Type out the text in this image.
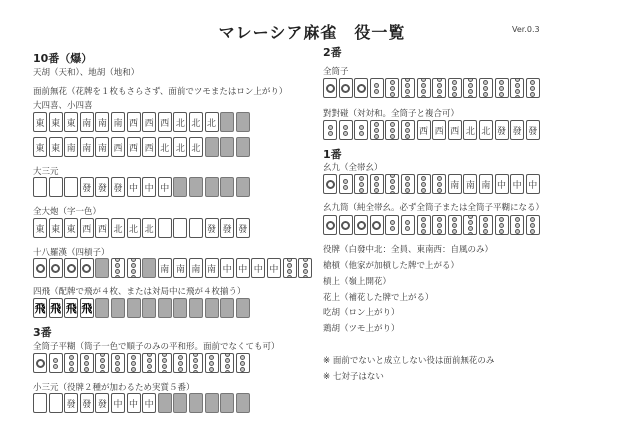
マレーシア麻雀　役一覧	Ver.0.3
10番（爆）
天胡（天和）、地胡（地和）
面前無花（花牌を１枚もさらさず、面前でツモまたはロン上がり）
大四喜、小四喜
東 東 東 南 南 南 西 西 西 北 北 北
東 東 南 南 南 西 西 西 北 北 北
大三元
發 發 發 中 中 中
全大炮（字一色）
東 東 東 西 西 北 北 北	發 發 發
十八羅漢（四槓子）
南 南 南 南 中 中 中 中
四飛（配牌で飛が４枚、または対局中に飛が４枚揃う）
飛 飛 飛 飛
3番
全筒子平糊（筒子一色で順子のみの平和形。面前でなくても可）
小三元（役牌２種が加わるため実質５番）
發 發 發 中 中 中
2番
全筒子
對對碰（対対和。全筒子と複合可）
西 西 西 北 北 發 發 發
1番
幺九（全帯幺）
南 南 南 中 中 中
幺九筒（純全帯幺。必ず全筒子または全筒子平糊になる）
役牌（白發中北：全員、東南西：自風のみ）
槍槓（他家が加槓した牌で上がる）
槓上（嶺上開花）
花上（補花した牌で上がる）
吃胡（ロン上がり）
鶏胡（ツモ上がり）
※ 面前でないと成立しない役は面前無花のみ
※ 七対子はない
